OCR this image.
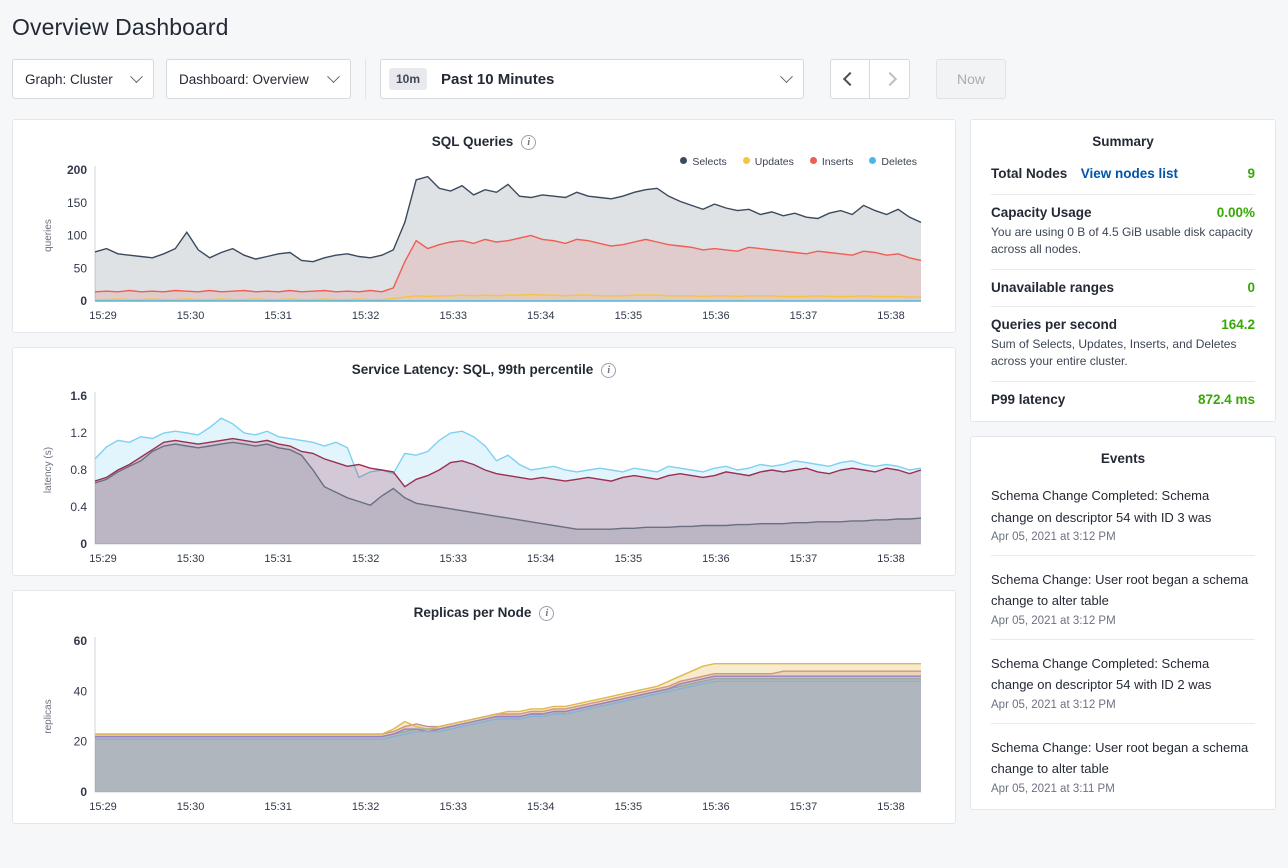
Overview Dashboard
Graph: Cluster	Dashboard: Overview	10m	Past 10 Minutes	Now
SQL Queries i
Selects	Updates	Inserts	Deletes
0
50
100
150
200
15:29	15:30	15:31	15:32	15:33	15:34	15:35	15:36	15:37	15:38
queries
Service Latency: SQL, 99th percentile i
0
0.4
0.8
1.2
1.6
15:29	15:30	15:31	15:32	15:33	15:34	15:35	15:36	15:37	15:38
latency (s)
Replicas per Node i
0
20
40
60
15:29	15:30	15:31	15:32	15:33	15:34	15:35	15:36	15:37	15:38
replicas
Summary
Total Nodes View nodes list	9
Capacity Usage	0.00%
You are using 0 B of 4.5 GiB usable disk capacity across all nodes.
Unavailable ranges	0
Queries per second	164.2
Sum of Selects, Updates, Inserts, and Deletes across your entire cluster.
P99 latency	872.4 ms
Events
Schema Change Completed: Schema change on descriptor 54 with ID 3 was
Apr 05, 2021 at 3:12 PM
Schema Change: User root began a schema change to alter table
Apr 05, 2021 at 3:12 PM
Schema Change Completed: Schema change on descriptor 54 with ID 2 was
Apr 05, 2021 at 3:12 PM
Schema Change: User root began a schema change to alter table
Apr 05, 2021 at 3:11 PM
